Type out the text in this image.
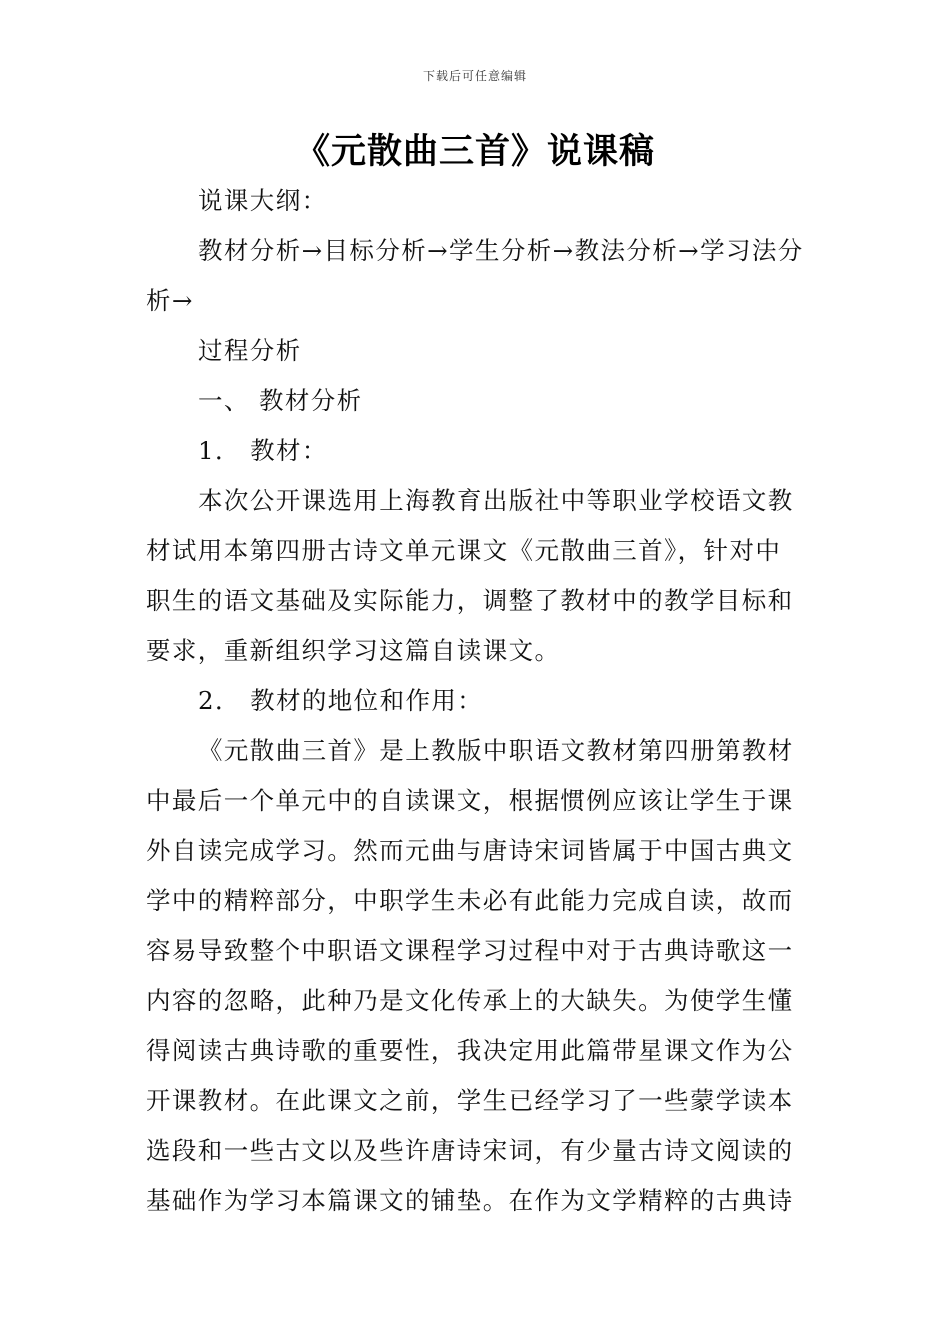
下载后可任意编辑
《元散曲三首》说课稿

说课大纲：

教材分析→目标分析→学生分析→教法分析→学习法分析→

过程分析

一、 教材分析

1． 教材：

本次公开课选用上海教育出版社中等职业学校语文教材试用本第四册古诗文单元课文《元散曲三首》，针对中职生的语文基础及实际能力，调整了教材中的教学目标和要求，重新组织学习这篇自读课文。

2． 教材的地位和作用：

《元散曲三首》是上教版中职语文教材第四册第教材中最后一个单元中的自读课文，根据惯例应该让学生于课外自读完成学习。然而元曲与唐诗宋词皆属于中国古典文学中的精粹部分，中职学生未必有此能力完成自读，故而容易导致整个中职语文课程学习过程中对于古典诗歌这一内容的忽略，此种乃是文化传承上的大缺失。为使学生懂得阅读古典诗歌的重要性，我决定用此篇带星课文作为公开课教材。在此课文之前，学生已经学习了一些蒙学读本选段和一些古文以及些许唐诗宋词，有少量古诗文阅读的基础作为学习本篇课文的铺垫。在作为文学精粹的古典诗
